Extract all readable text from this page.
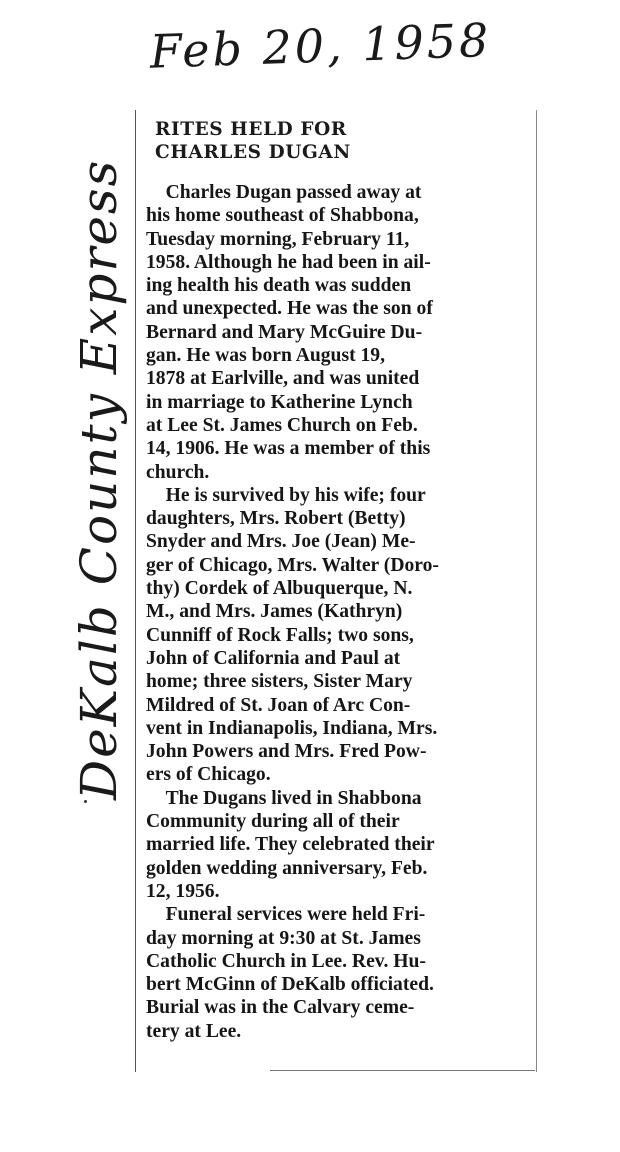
Feb 20, 1958
DeKalb County Express
RITES HELD FOR
CHARLES DUGAN
Charles Dugan passed away at
his home southeast of Shabbona,
Tuesday morning, February 11,
1958. Although he had been in ail-
ing health his death was sudden
and unexpected. He was the son of
Bernard and Mary McGuire Du-
gan. He was born August 19,
1878 at Earlville, and was united
in marriage to Katherine Lynch
at Lee St. James Church on Feb.
14, 1906. He was a member of this
church.
He is survived by his wife; four
daughters, Mrs. Robert (Betty)
Snyder and Mrs. Joe (Jean) Me-
ger of Chicago, Mrs. Walter (Doro-
thy) Cordek of Albuquerque, N.
M., and Mrs. James (Kathryn)
Cunniff of Rock Falls; two sons,
John of California and Paul at
home; three sisters, Sister Mary
Mildred of St. Joan of Arc Con-
vent in Indianapolis, Indiana, Mrs.
John Powers and Mrs. Fred Pow-
ers of Chicago.
The Dugans lived in Shabbona
Community during all of their
married life. They celebrated their
golden wedding anniversary, Feb.
12, 1956.
Funeral services were held Fri-
day morning at 9:30 at St. James
Catholic Church in Lee. Rev. Hu-
bert McGinn of DeKalb officiated.
Burial was in the Calvary ceme-
tery at Lee.
